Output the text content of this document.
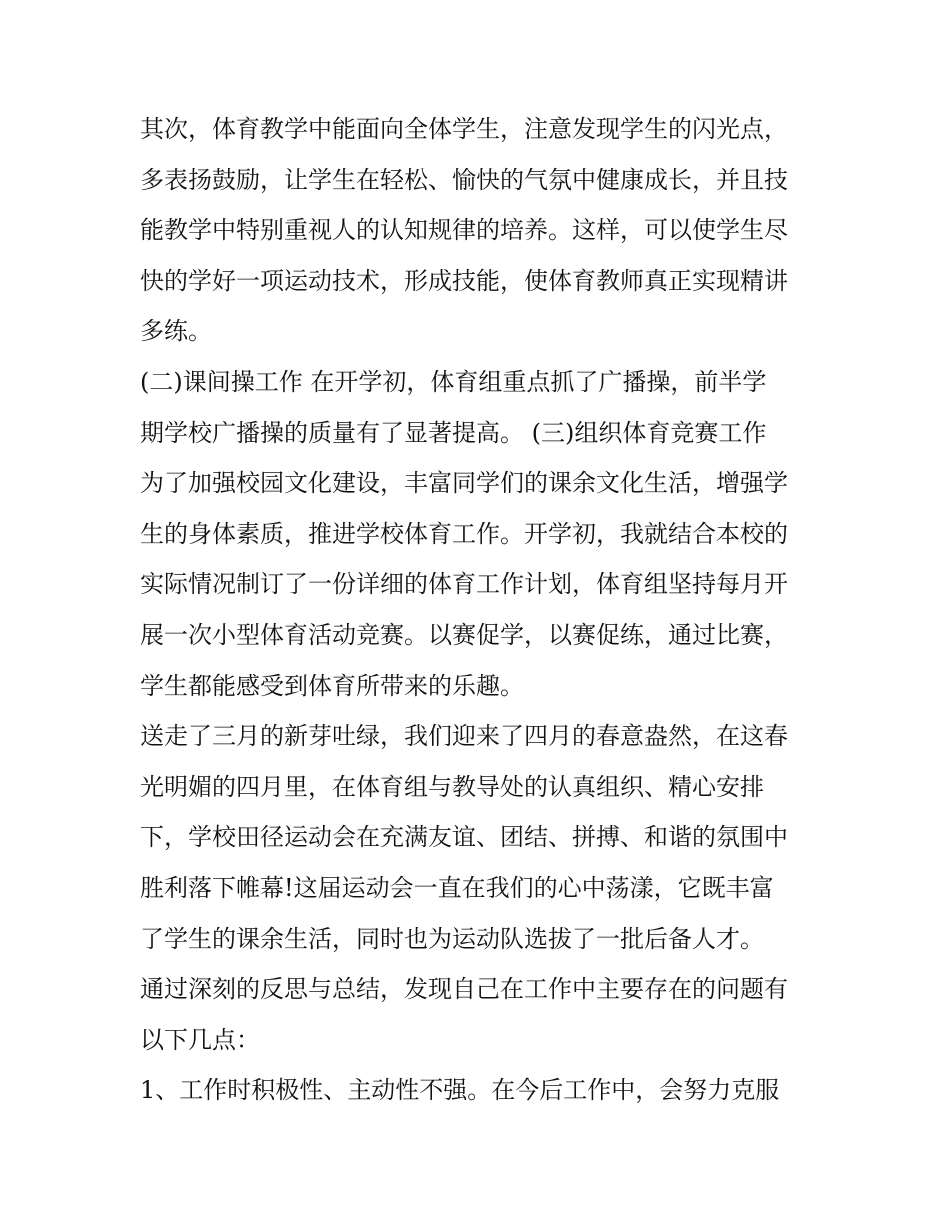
其次，体育教学中能面向全体学生，注意发现学生的闪光点，
多表扬鼓励，让学生在轻松、愉快的气氛中健康成长，并且技
能教学中特别重视人的认知规律的培养。这样，可以使学生尽
快的学好一项运动技术，形成技能，使体育教师真正实现精讲
多练。
(二)课间操工作 在开学初，体育组重点抓了广播操，前半学
期学校广播操的质量有了显著提高。 (三)组织体育竞赛工作
为了加强校园文化建设，丰富同学们的课余文化生活，增强学
生的身体素质，推进学校体育工作。开学初，我就结合本校的
实际情况制订了一份详细的体育工作计划，体育组坚持每月开
展一次小型体育活动竞赛。以赛促学，以赛促练，通过比赛，
学生都能感受到体育所带来的乐趣。
送走了三月的新芽吐绿，我们迎来了四月的春意盎然，在这春
光明媚的四月里，在体育组与教导处的认真组织、精心安排
下，学校田径运动会在充满友谊、团结、拼搏、和谐的氛围中
胜利落下帷幕!这届运动会一直在我们的心中荡漾，它既丰富
了学生的课余生活，同时也为运动队选拔了一批后备人才。
通过深刻的反思与总结，发现自己在工作中主要存在的问题有
以下几点：
1、工作时积极性、主动性不强。在今后工作中，会努力克服
